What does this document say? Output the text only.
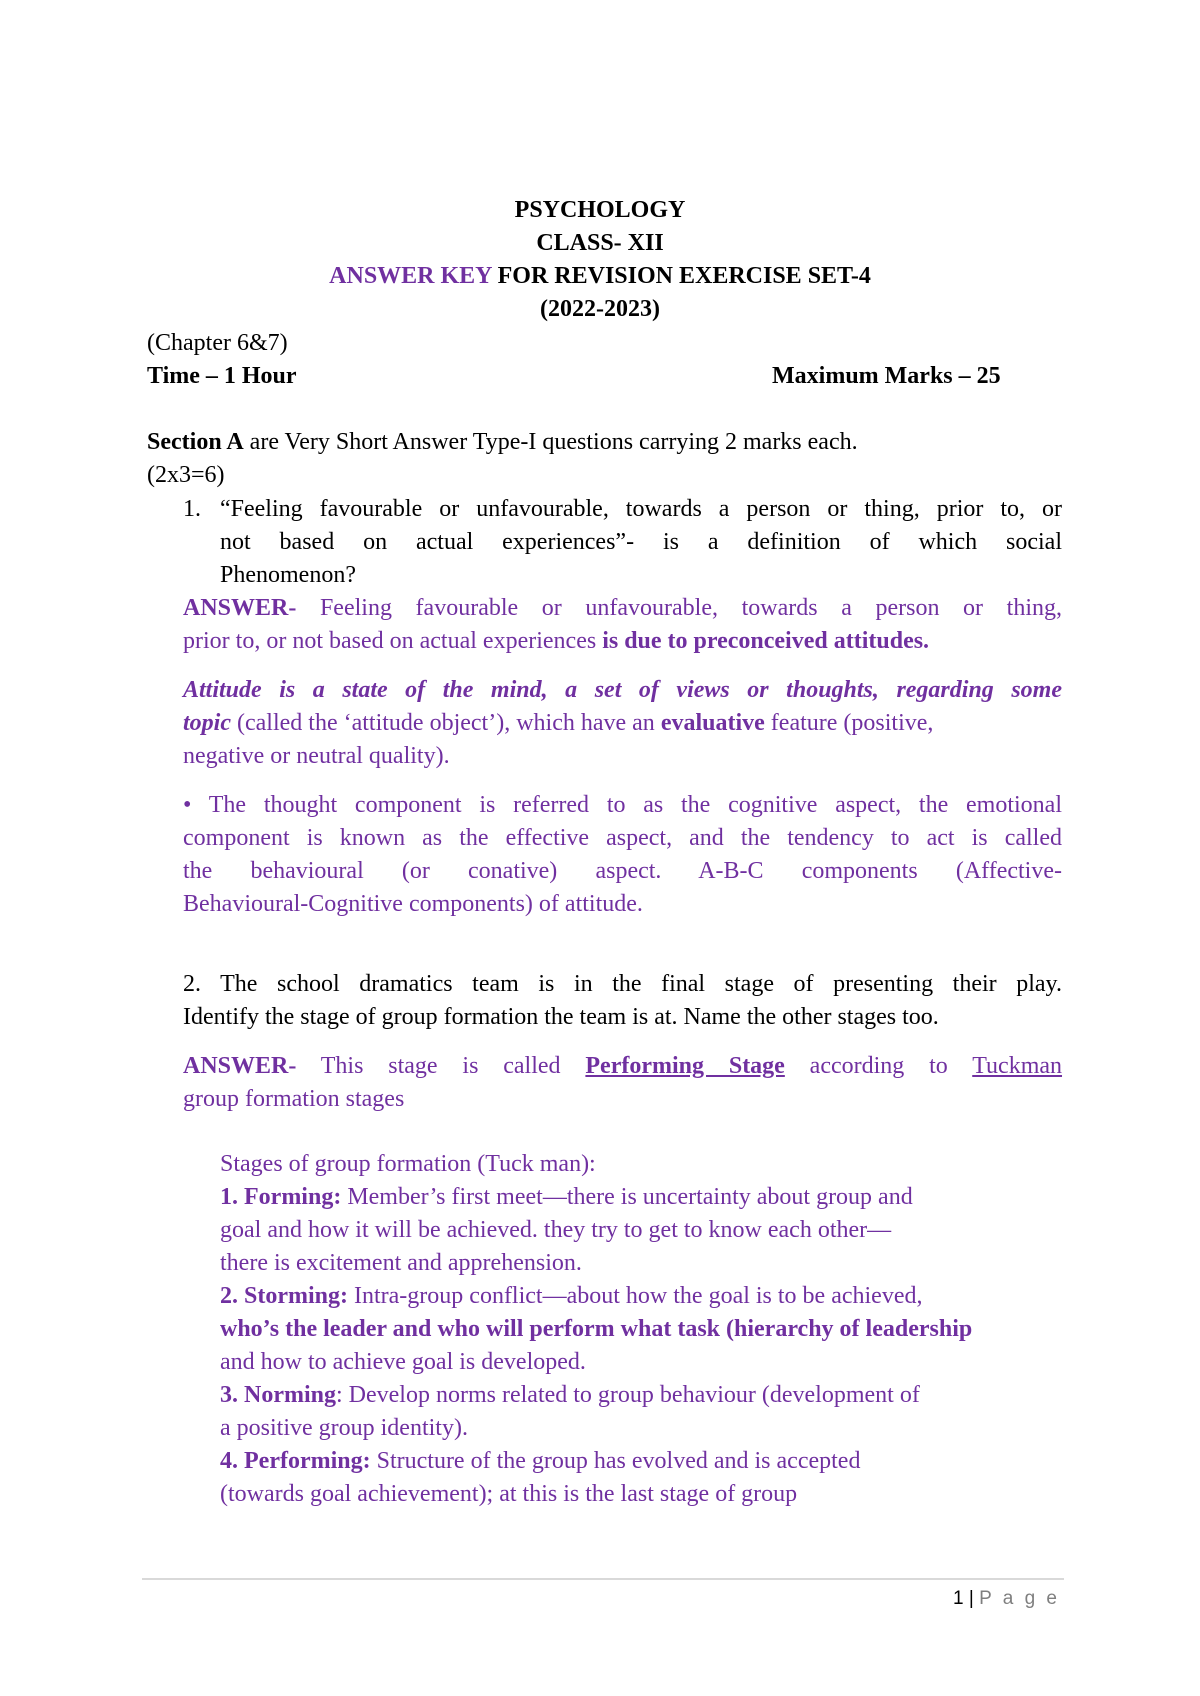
PSYCHOLOGY
CLASS- XII
ANSWER KEY FOR REVISION EXERCISE SET-4
(2022-2023)
(Chapter 6&7)
Time – 1 Hour	Maximum Marks – 25
Section A are Very Short Answer Type-I questions carrying 2 marks each.
(2x3=6)
1. “Feeling favourable or unfavourable, towards a person or thing, prior to, or
not based on actual experiences”- is a definition of which social
Phenomenon?
ANSWER- Feeling favourable or unfavourable, towards a person or thing,
prior to, or not based on actual experiences is due to preconceived attitudes.
Attitude is a state of the mind, a set of views or thoughts, regarding some
topic (called the ‘attitude object’), which have an evaluative feature (positive,
negative or neutral quality).
• The thought component is referred to as the cognitive aspect, the emotional
component is known as the effective aspect, and the tendency to act is called
the behavioural (or conative) aspect. A-B-C components (Affective-
Behavioural-Cognitive components) of attitude.
2. The school dramatics team is in the final stage of presenting their play.
Identify the stage of group formation the team is at. Name the other stages too.
ANSWER- This stage is called Performing Stage according to Tuckman
group formation stages
Stages of group formation (Tuck man):
1. Forming: Member’s first meet—there is uncertainty about group and
goal and how it will be achieved. they try to get to know each other—
there is excitement and apprehension.
2. Storming: Intra-group conflict—about how the goal is to be achieved,
who’s the leader and who will perform what task (hierarchy of leadership
and how to achieve goal is developed.
3. Norming: Develop norms related to group behaviour (development of
a positive group identity).
4. Performing: Structure of the group has evolved and is accepted
(towards goal achievement); at this is the last stage of group
1 | P a g e
